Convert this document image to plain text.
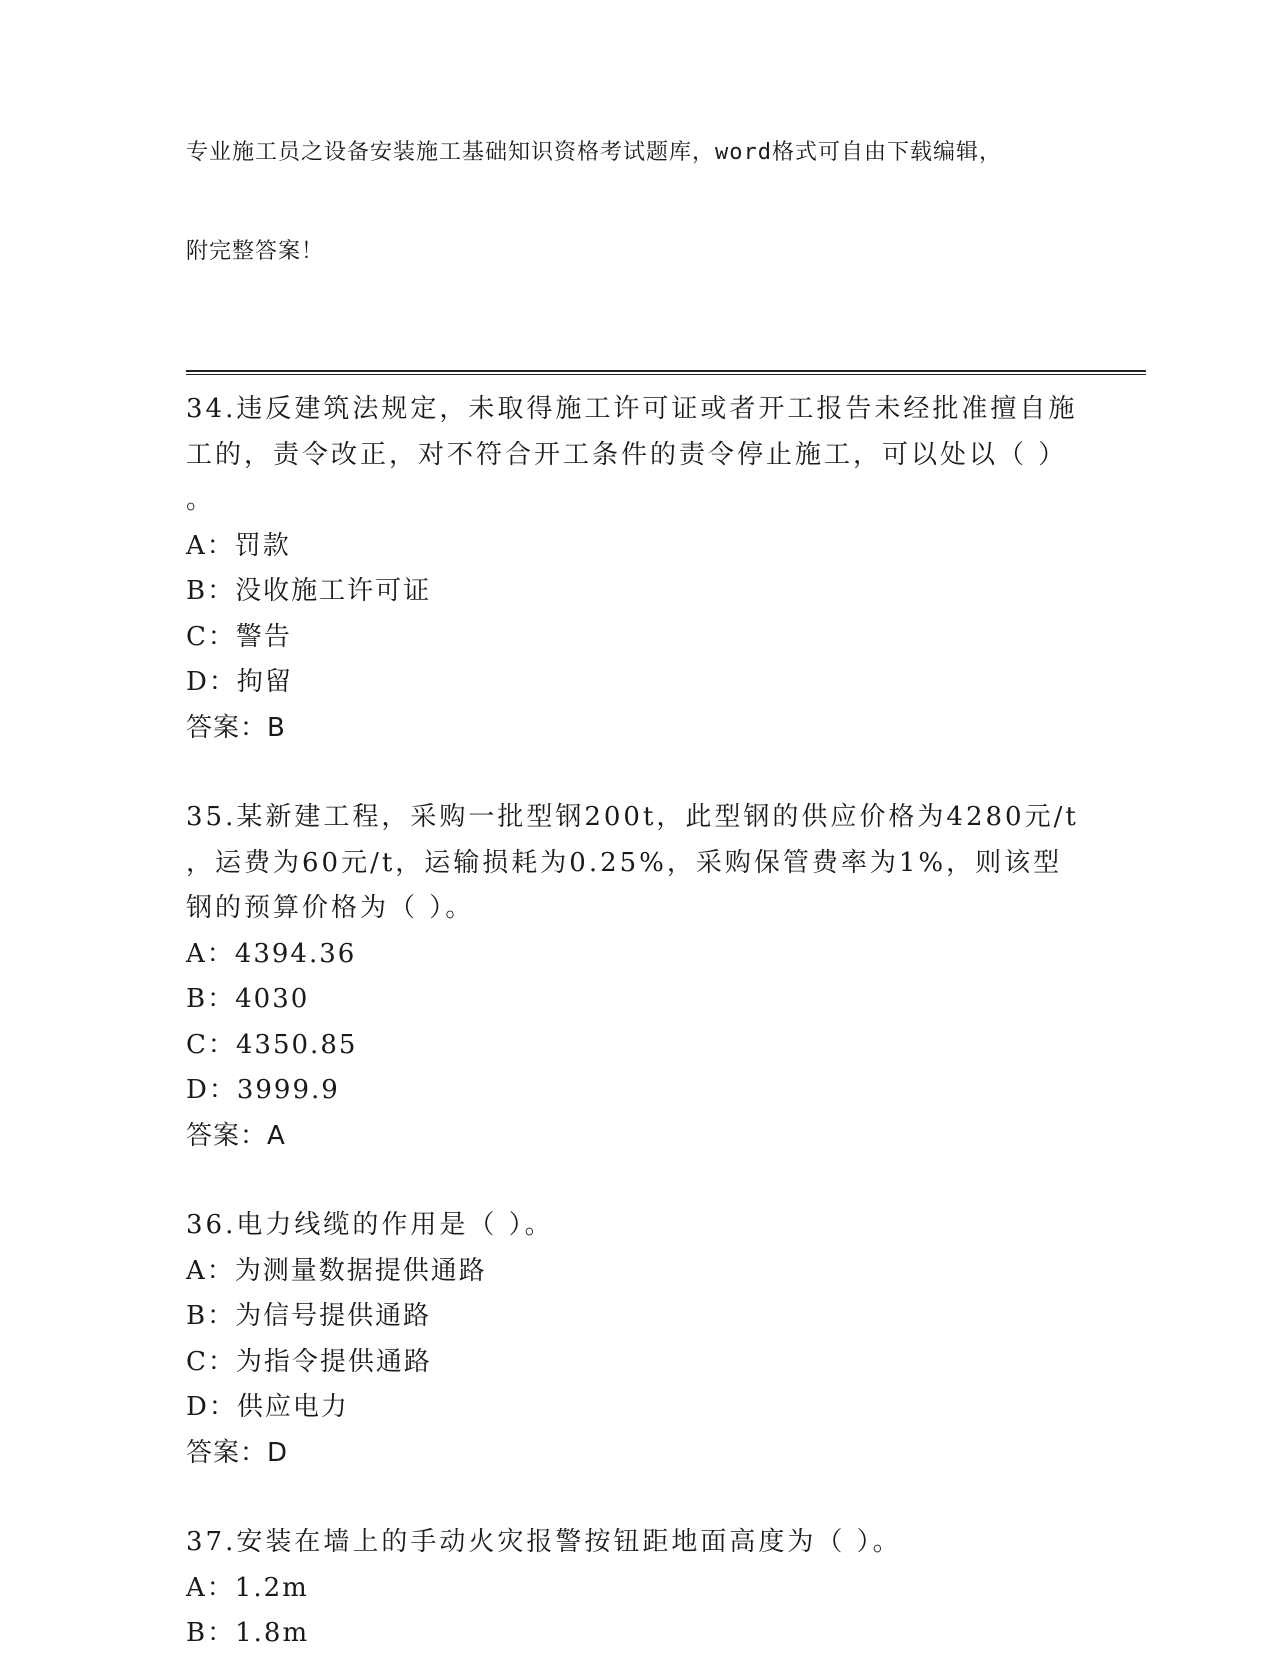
专业施工员之设备安装施工基础知识资格考试题库，word格式可自由下载编辑，

附完整答案！

34.违反建筑法规定，未取得施工许可证或者开工报告未经批准擅自施

工的，责令改正，对不符合开工条件的责令停止施工，可以处以（ ）

。

A：罚款

B：没收施工许可证

C：警告

D：拘留

答案：B

35.某新建工程，采购一批型钢200t，此型钢的供应价格为4280元/t

，运费为60元/t，运输损耗为0.25%，采购保管费率为1%，则该型

钢的预算价格为（ ）。

A：4394.36

B：4030

C：4350.85

D：3999.9

答案：A

36.电力线缆的作用是（ ）。

A：为测量数据提供通路

B：为信号提供通路

C：为指令提供通路

D：供应电力

答案：D

37.安装在墙上的手动火灾报警按钮距地面高度为（ ）。

A：1.2m

B：1.8m
